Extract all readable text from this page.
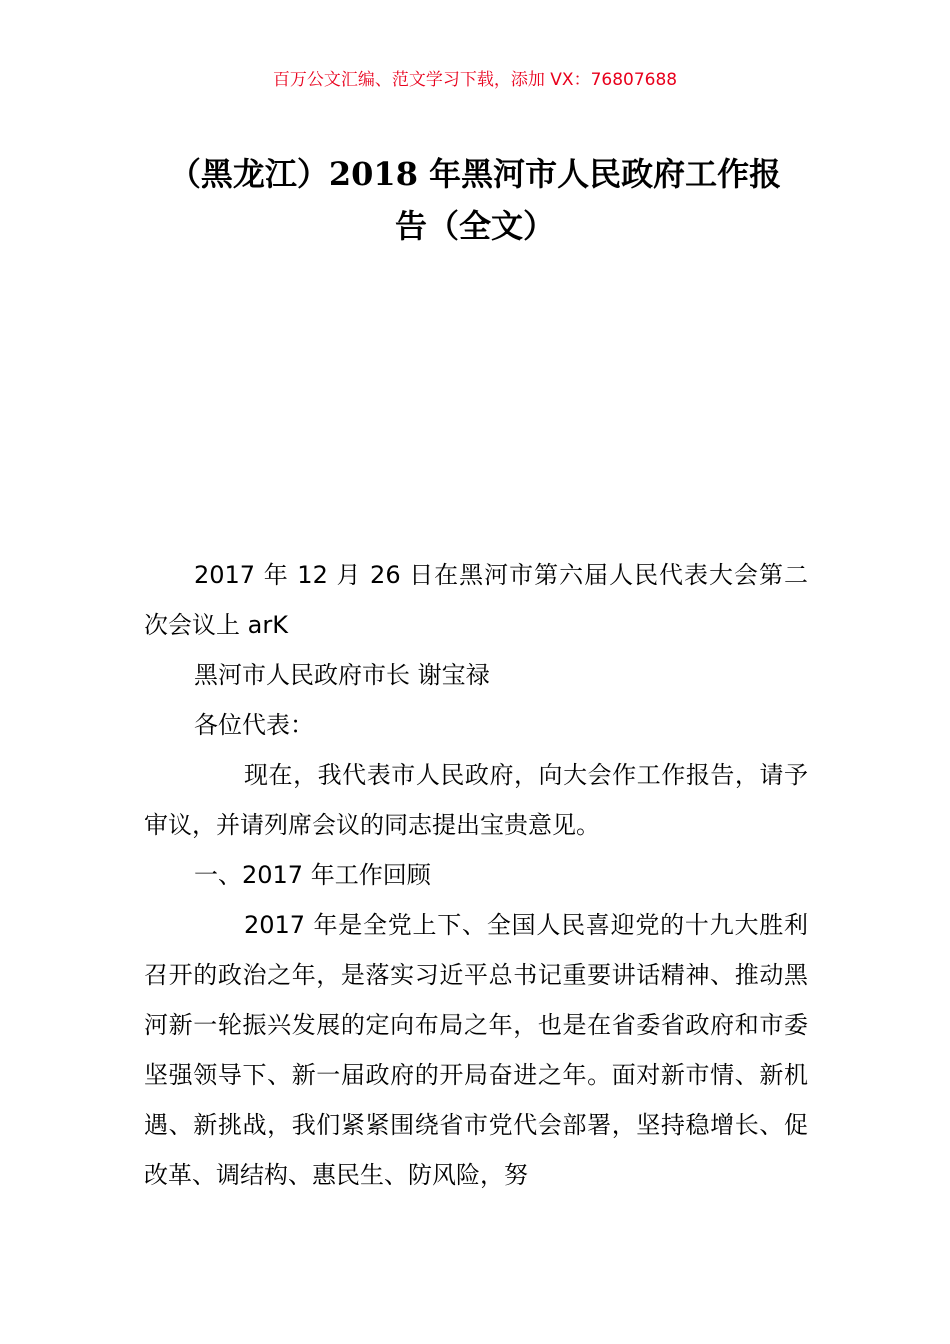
百万公文汇编、范文学习下载，添加 VX：76807688
（黑龙江）2018 年黑河市人民政府工作报
告（全文）

2017 年 12 月 26 日在黑河市第六届人民代表大会第二次会议上 arK

黑河市人民政府市长 谢宝禄

各位代表：

现在，我代表市人民政府，向大会作工作报告，请予审议，并请列席会议的同志提出宝贵意见。

一、2017 年工作回顾

2017 年是全党上下、全国人民喜迎党的十九大胜利召开的政治之年，是落实习近平总书记重要讲话精神、推动黑河新一轮振兴发展的定向布局之年，也是在省委省政府和市委坚强领导下、新一届政府的开局奋进之年。面对新市情、新机遇、新挑战，我们紧紧围绕省市党代会部署，坚持稳增长、促改革、调结构、惠民生、防风险，努
